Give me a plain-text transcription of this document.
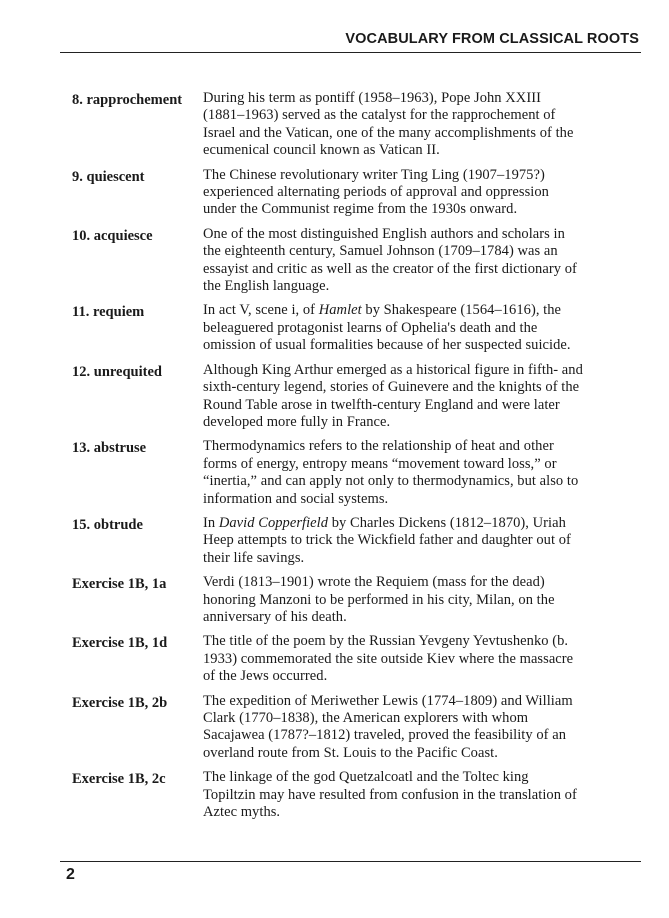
VOCABULARY FROM CLASSICAL ROOTS
8. rapprochement	During his term as pontiff (1958–1963), Pope John XXIII (1881–1963) served as the catalyst for the rapprochement of Israel and the Vatican, one of the many accomplishments of the ecumenical council known as Vatican II.
9. quiescent	The Chinese revolutionary writer Ting Ling (1907–1975?) experienced alternating periods of approval and oppression under the Communist regime from the 1930s onward.
10. acquiesce	One of the most distinguished English authors and scholars in the eighteenth century, Samuel Johnson (1709–1784) was an essayist and critic as well as the creator of the first dictionary of the English language.
11. requiem	In act V, scene i, of Hamlet by Shakespeare (1564–1616), the beleaguered protagonist learns of Ophelia's death and the omission of usual formalities because of her suspected suicide.
12. unrequited	Although King Arthur emerged as a historical figure in fifth- and sixth-century legend, stories of Guinevere and the knights of the Round Table arose in twelfth-century England and were later developed more fully in France.
13. abstruse	Thermodynamics refers to the relationship of heat and other forms of energy, entropy means “movement toward loss,” or “inertia,” and can apply not only to thermodynamics, but also to information and social systems.
15. obtrude	In David Copperfield by Charles Dickens (1812–1870), Uriah Heep attempts to trick the Wickfield father and daughter out of their life savings.
Exercise 1B, 1a	Verdi (1813–1901) wrote the Requiem (mass for the dead) honoring Manzoni to be performed in his city, Milan, on the anniversary of his death.
Exercise 1B, 1d	The title of the poem by the Russian Yevgeny Yevtushenko (b. 1933) commemorated the site outside Kiev where the massacre of the Jews occurred.
Exercise 1B, 2b	The expedition of Meriwether Lewis (1774–1809) and William Clark (1770–1838), the American explorers with whom Sacajawea (1787?–1812) traveled, proved the feasibility of an overland route from St. Louis to the Pacific Coast.
Exercise 1B, 2c	The linkage of the god Quetzalcoatl and the Toltec king Topiltzin may have resulted from confusion in the translation of Aztec myths.
2
